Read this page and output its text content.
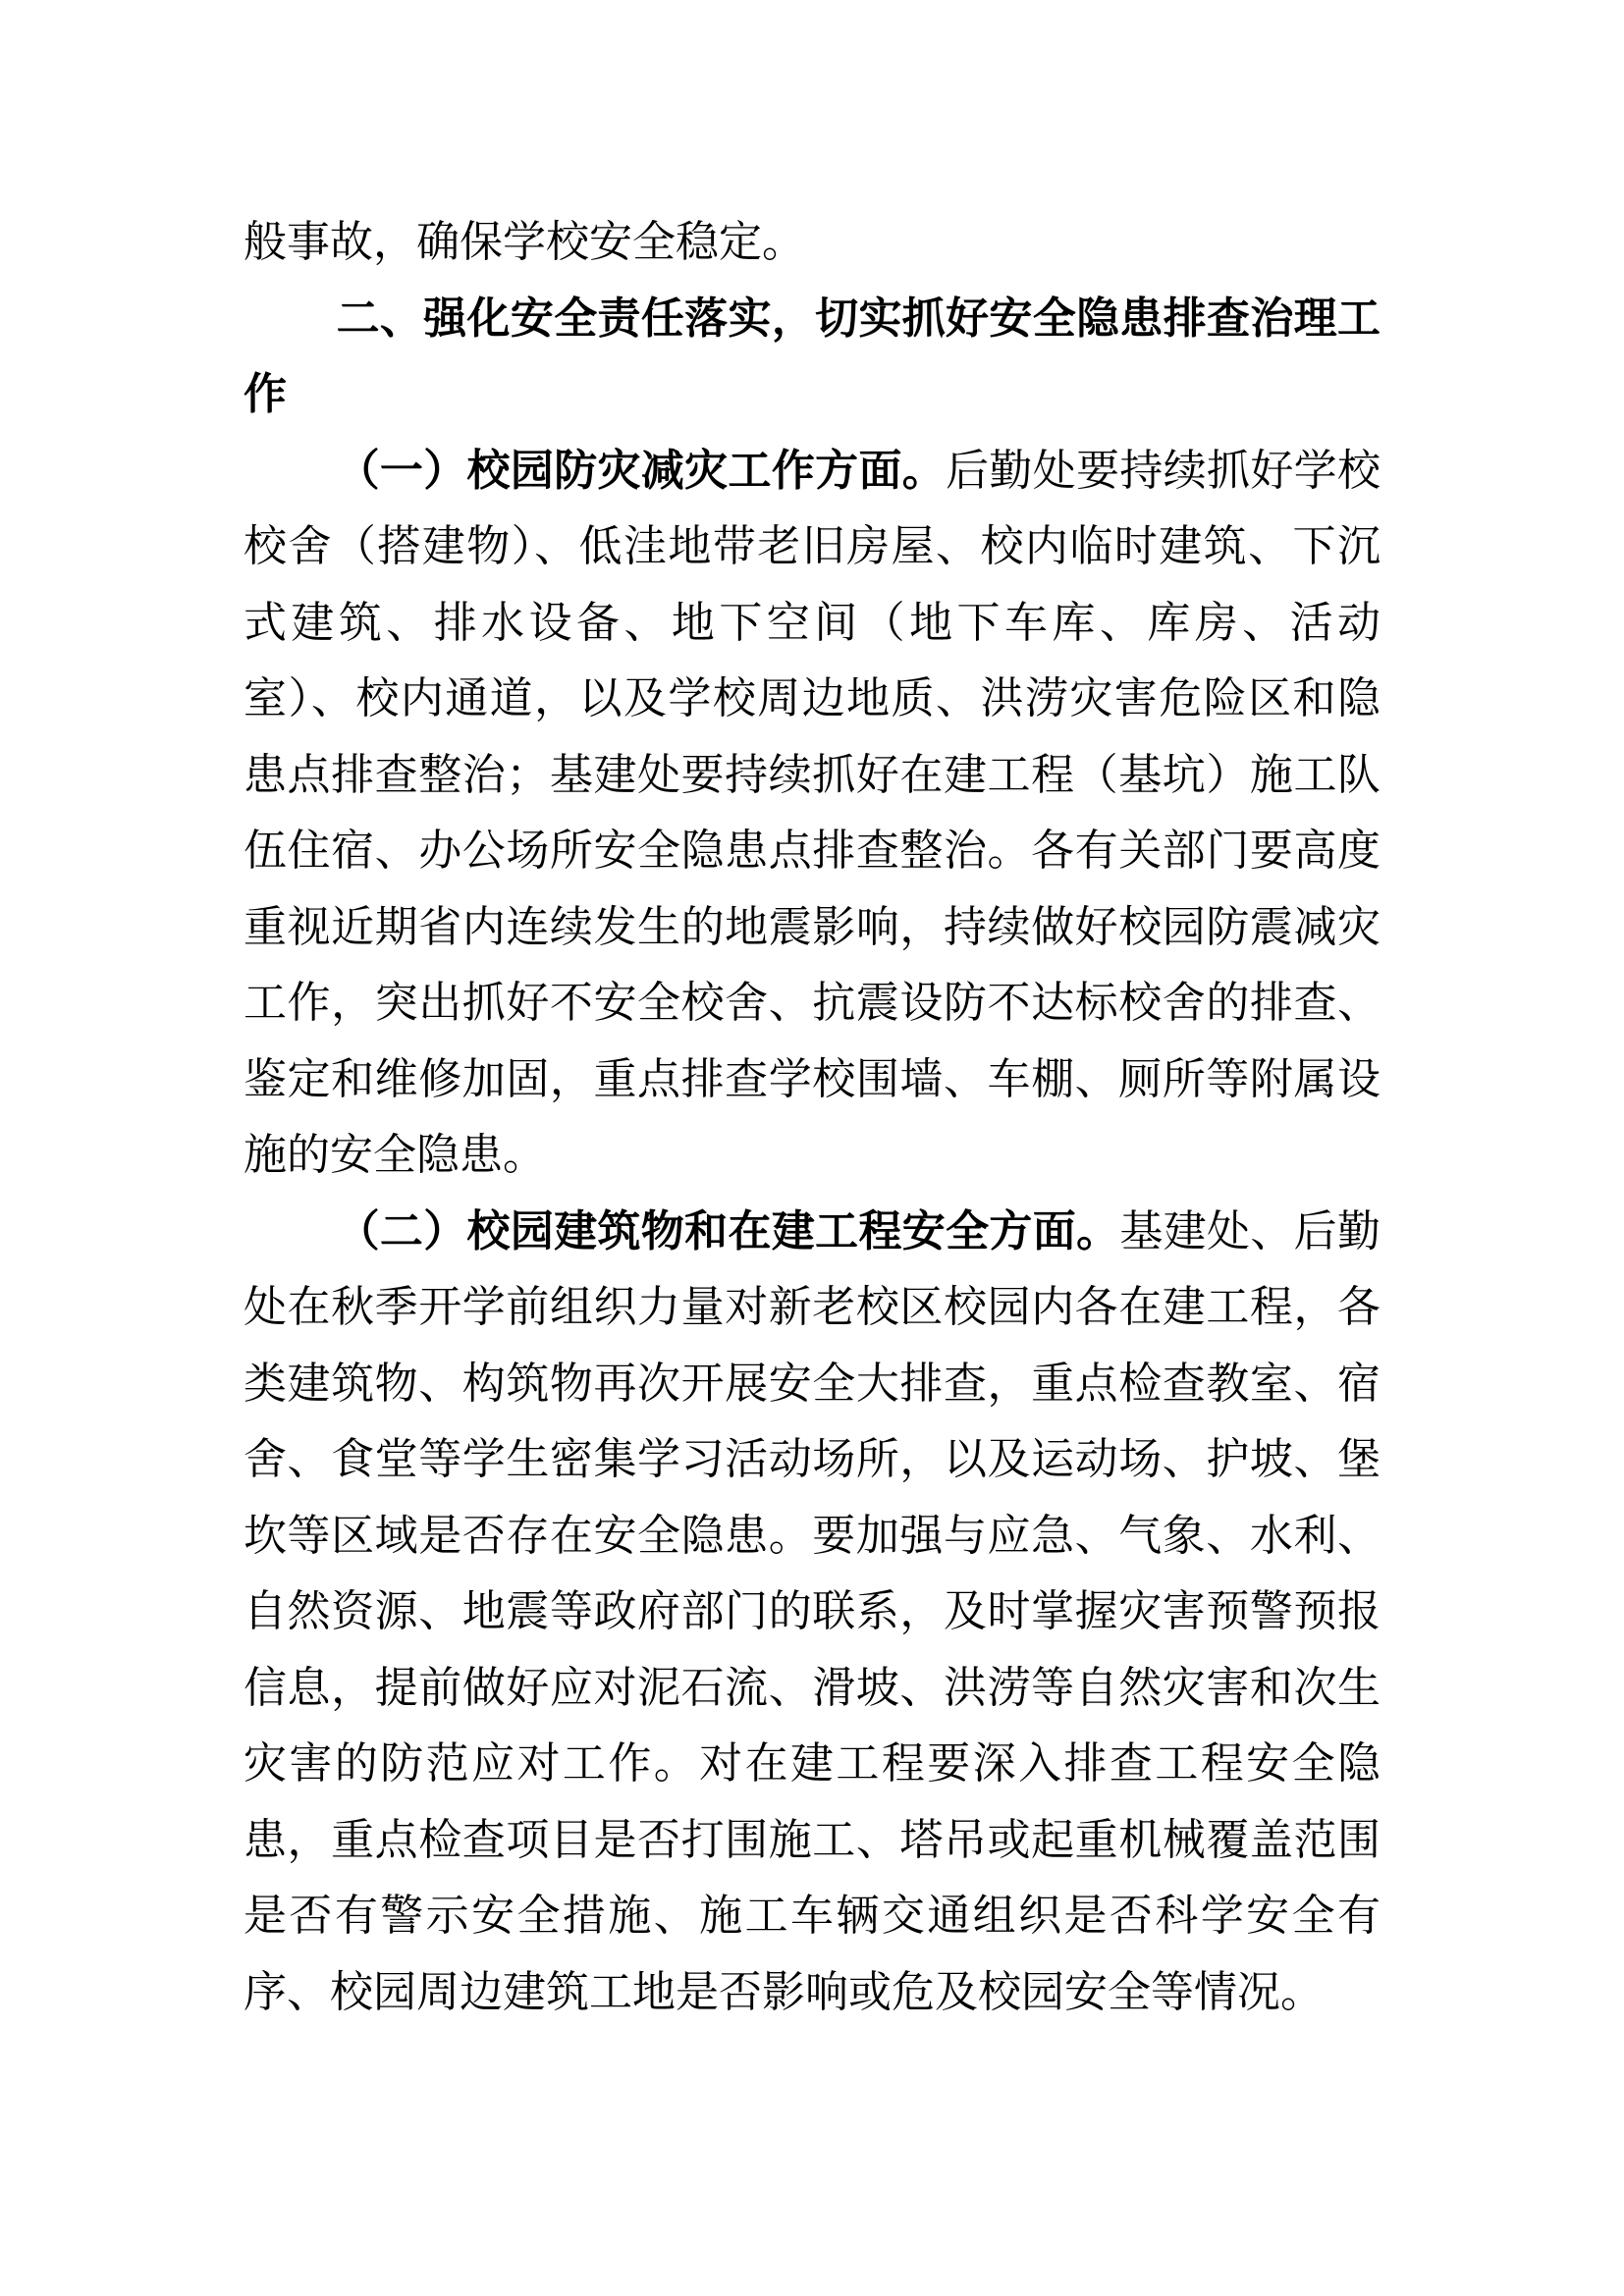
般事故，确保学校安全稳定。

二、强化安全责任落实，切实抓好安全隐患排查治理工作

（一）校园防灾减灾工作方面。后勤处要持续抓好学校校舍（搭建物）、低洼地带老旧房屋、校内临时建筑、下沉式建筑、排水设备、地下空间（地下车库、库房、活动室）、校内通道，以及学校周边地质、洪涝灾害危险区和隐患点排查整治；基建处要持续抓好在建工程（基坑）施工队伍住宿、办公场所安全隐患点排查整治。各有关部门要高度重视近期省内连续发生的地震影响，持续做好校园防震减灾工作，突出抓好不安全校舍、抗震设防不达标校舍的排查、鉴定和维修加固，重点排查学校围墙、车棚、厕所等附属设施的安全隐患。

（二）校园建筑物和在建工程安全方面。基建处、后勤处在秋季开学前组织力量对新老校区校园内各在建工程，各类建筑物、构筑物再次开展安全大排查，重点检查教室、宿舍、食堂等学生密集学习活动场所，以及运动场、护坡、堡坎等区域是否存在安全隐患。要加强与应急、气象、水利、自然资源、地震等政府部门的联系，及时掌握灾害预警预报信息，提前做好应对泥石流、滑坡、洪涝等自然灾害和次生灾害的防范应对工作。对在建工程要深入排查工程安全隐患，重点检查项目是否打围施工、塔吊或起重机械覆盖范围是否有警示安全措施、施工车辆交通组织是否科学安全有序、校园周边建筑工地是否影响或危及校园安全等情况。
